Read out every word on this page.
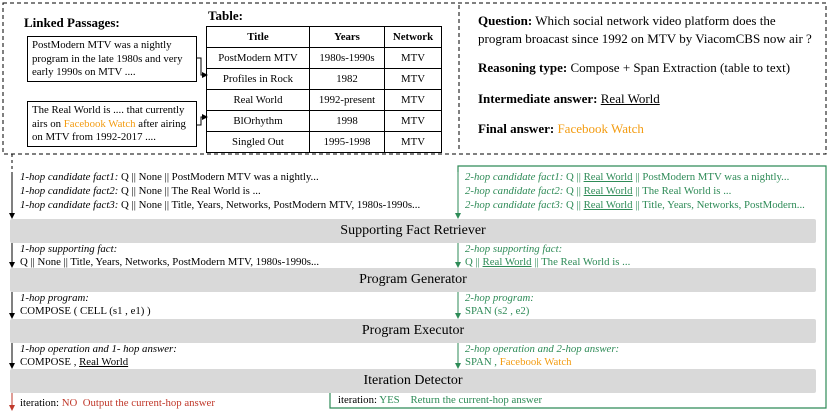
Linked Passages:
PostModern MTV was a nightly program in the late 1980s and very early 1990s on MTV ....
The Real World is .... that currently airs on Facebook Watch after airing on MTV from 1992-2017 ....
Table:
Title	Years	Network
PostModern MTV	1980s-1990s	MTV
Profiles in Rock	1982	MTV
Real World	1992-present	MTV
BlOrhythm	1998	MTV
Singled Out	1995-1998	MTV
Question: Which social network video platform does the program broacast since 1992 on MTV by ViacomCBS now air ?
Reasoning type: Compose + Span Extraction (table to text)
Intermediate answer: Real World
Final answer: Facebook Watch
1-hop candidate fact1: Q || None || PostModern MTV was a nightly...
1-hop candidate fact2: Q || None || The Real World is ...
1-hop candidate fact3: Q || None || Title, Years, Networks, PostModern MTV, 1980s-1990s...
1-hop supporting fact:
Q || None || Title, Years, Networks, PostModern MTV, 1980s-1990s...
1-hop program:
COMPOSE ( CELL (s1 , e1) )
1-hop operation and 1- hop answer:
COMPOSE , Real World
iteration: NO Output the current-hop answer
2-hop candidate fact1: Q || Real World || PostModern MTV was a nightly...
2-hop candidate fact2: Q || Real World || The Real World is ...
2-hop candidate fact3: Q || Real World || Title, Years, Networks, PostModern...
2-hop supporting fact:
Q || Real World || The Real World is ...
2-hop program:
SPAN (s2 , e2)
2-hop operation and 2-hop answer:
SPAN , Facebook Watch
iteration: YES Return the current-hop answer
Supporting Fact Retriever
Program Generator
Program Executor
Iteration Detector
